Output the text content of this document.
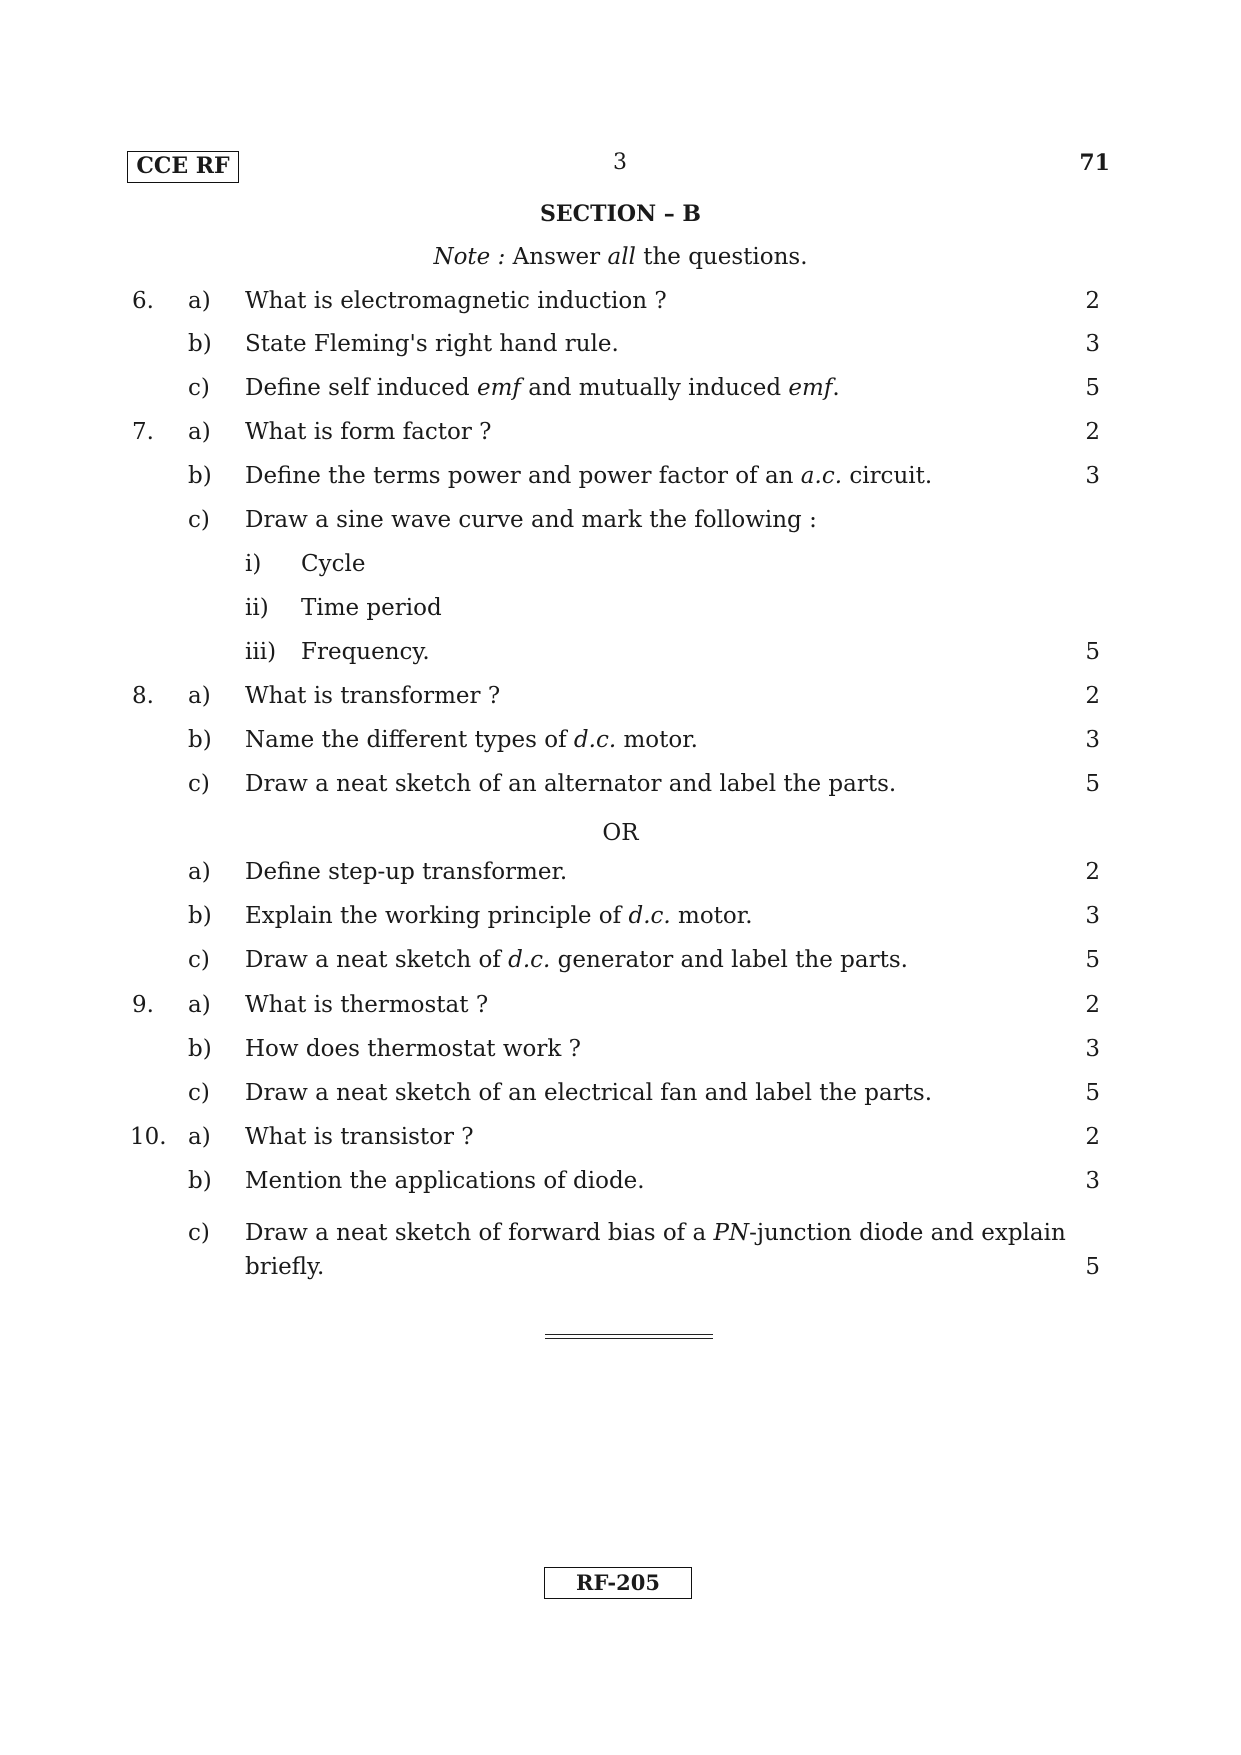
CCE RF	3	71
SECTION – B
Note : Answer all the questions.
6.	a)	What is electromagnetic induction ?	2
b)	State Fleming's right hand rule.	3
c)	Define self induced emf and mutually induced emf.	5
7.	a)	What is form factor ?	2
b)	Define the terms power and power factor of an a.c. circuit.	3
c)	Draw a sine wave curve and mark the following :
i)	Cycle
ii)	Time period
iii) Frequency.	5
8.	a)	What is transformer ?	2
b)	Name the different types of d.c. motor.	3
c)	Draw a neat sketch of an alternator and label the parts.	5
OR
a)	Define step-up transformer.	2
b)	Explain the working principle of d.c. motor.	3
c)	Draw a neat sketch of d.c. generator and label the parts.	5
9.	a)	What is thermostat ?	2
b)	How does thermostat work ?	3
c)	Draw a neat sketch of an electrical fan and label the parts.	5
10. a)	What is transistor ?	2
b)	Mention the applications of diode.	3
c) Draw a neat sketch of forward bias of a PN-junction diode and explain
briefly.	5
RF-205
